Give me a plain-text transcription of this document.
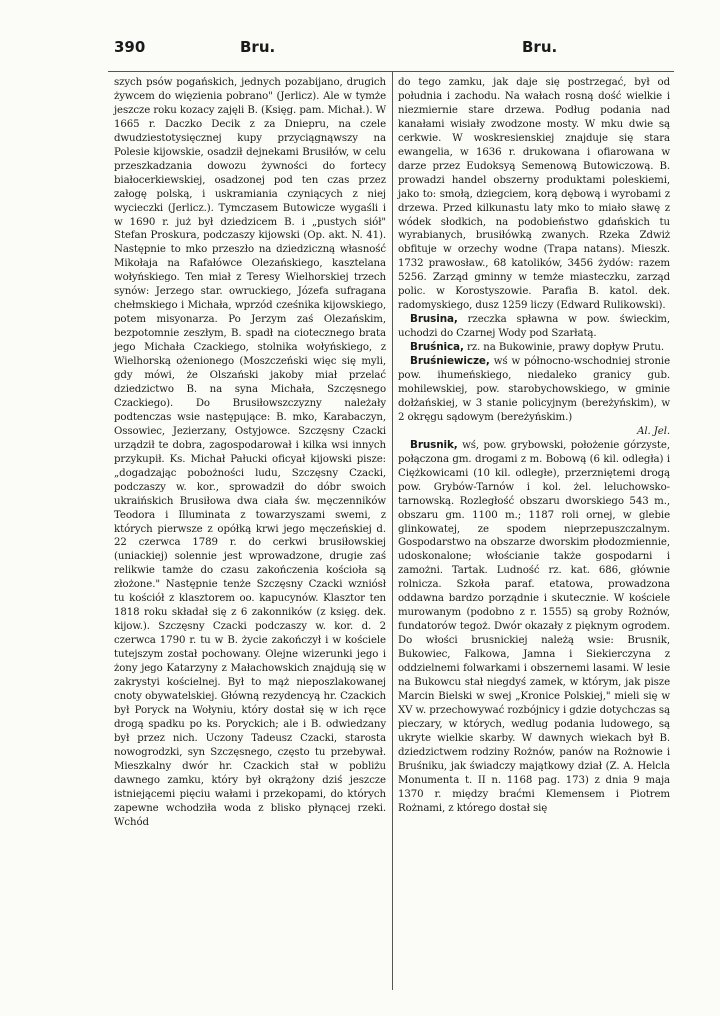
390	Bru.	Bru.

szych psów pogańskich, jednych pozabijano, drugich żywcem do więzienia pobrano" (Jerlicz). Ale w tymże jeszcze roku kozacy zajęli B. (Księg. pam. Michał.). W 1665 r. Daczko Decik z za Dniepru, na czele dwudziestotysięcznej kupy przyciągnąwszy na Polesie kijowskie, osadził dejnekami Brusiłów, w celu przeszkadzania dowozu żywności do fortecy białocerkiewskiej, osadzonej pod ten czas przez załogę polską, i uskramiania czyniących z niej wycieczki (Jerlicz.). Tymczasem Butowicze wygaśli i w 1690 r. już był dziedzicem B. i „pustych siół" Stefan Proskura, podczaszy kijowski (Op. akt. N. 41). Następnie to mko przeszło na dziedziczną własność Mikołaja na Rafałówce Olezańskiego, kasztelana wołyńskiego. Ten miał z Teresy Wielhorskiej trzech synów: Jerzego star. owruckiego, Józefa sufragana chełmskiego i Michała, wprzód cześnika kijowskiego, potem misyonarza. Po Jerzym zaś Olezańskim, bezpotomnie zeszłym, B. spadł na ciotecznego brata jego Michała Czackiego, stolnika wołyńskiego, z Wielhorską ożenionego (Moszczeński więc się myli, gdy mówi, że Olszański jakoby miał przelać dziedzictwo B. na syna Michała, Szczęsnego Czackiego). Do Brusiłowszczyzny należały podtenczas wsie następujące: B. mko, Karabaczyn, Ossowiec, Jezierzany, Ostyjowce. Szczęsny Czacki urządził te dobra, zagospodarował i kilka wsi innych przykupił. Ks. Michał Pałucki oficyał kijowski pisze: „dogadzając pobożności ludu, Szczęsny Czacki, podczaszy w. kor., sprowadził do dóbr swoich ukraińskich Brusiłowa dwa ciała św. męczenników Teodora i Illuminata z towarzyszami swemi, z których pierwsze z opółką krwi jego męczeńskiej d. 22 czerwca 1789 r. do cerkwi brusiłowskiej (uniackiej) solennie jest wprowadzone, drugie zaś relikwie tamże do czasu zakończenia kościoła są złożone." Następnie tenże Szczęsny Czacki wzniósł tu kościół z klasztorem oo. kapucynów. Klasztor ten 1818 roku składał się z 6 zakonników (z księg. dek. kijow.). Szczęsny Czacki podczaszy w. kor. d. 2 czerwca 1790 r. tu w B. życie zakończył i w kościele tutejszym został pochowany. Olejne wizerunki jego i żony jego Katarzyny z Małachowskich znajdują się w zakrystyi kościelnej. Był to mąż nieposzlakowanej cnoty obywatelskiej. Główną rezydencyą hr. Czackich był Poryck na Wołyniu, który dostał się w ich ręce drogą spadku po ks. Poryckich; ale i B. odwiedzany był przez nich. Uczony Tadeusz Czacki, starosta nowogrodzki, syn Szczęsnego, często tu przebywał. Mieszkalny dwór hr. Czackich stał w pobliżu dawnego zamku, który był okrążony dziś jeszcze istniejącemi pięciu wałami i przekopami, do których zapewne wchodziła woda z blisko płynącej rzeki. Wchód

do tego zamku, jak daje się postrzegać, był od południa i zachodu. Na wałach rosną dość wielkie i niezmiernie stare drzewa. Podług podania nad kanałami wisiały zwodzone mosty. W mku dwie są cerkwie. W woskresienskiej znajduje się stara ewangelia, w 1636 r. drukowana i ofiarowana w darze przez Eudoksyą Semenową Butowiczową. B. prowadzi handel obszerny produktami poleskiemi, jako to: smołą, dziegciem, korą dębową i wyrobami z drzewa. Przed kilkunastu laty mko to miało sławę z wódek słodkich, na podobieństwo gdańskich tu wyrabianych, brusiłówką zwanych. Rzeka Zdwiż obfituje w orzechy wodne (Trapa natans). Mieszk. 1732 prawosław., 68 katolików, 3456 żydów: razem 5256. Zarząd gminny w temże miasteczku, zarząd polic. w Korostyszowie. Parafia B. katol. dek. radomyskiego, dusz 1259 liczy (Edward Rulikowski).

Brusina, rzeczka spławna w pow. świeckim, uchodzi do Czarnej Wody pod Szarłatą.

Bruśnica, rz. na Bukowinie, prawy dopływ Prutu.

Bruśniewicze, wś w północno-wschodniej stronie pow. ihumeńskiego, niedaleko granicy gub. mohilewskiej, pow. starobychowskiego, w gminie dołżańskiej, w 3 stanie policyjnym (bereżyńskim), w 2 okręgu sądowym (bereżyńskim.)

Al. Jel.

Brusnik, wś, pow. grybowski, położenie górzyste, połączona gm. drogami z m. Bobową (6 kil. odległa) i Ciężkowicami (10 kil. odległe), przerzniętemi drogą pow. Grybów-Tarnów i kol. żel. leluchowsko-tarnowską. Rozległość obszaru dworskiego 543 m., obszaru gm. 1100 m.; 1187 roli ornej, w glebie glinkowatej, ze spodem nieprzepuszczalnym. Gospodarstwo na obszarze dworskim płodozmiennie, udoskonalone; włościanie także gospodarni i zamożni. Tartak. Ludność rz. kat. 686, głównie rolnicza. Szkoła paraf. etatowa, prowadzona oddawna bardzo porządnie i skutecznie. W kościele murowanym (podobno z r. 1555) są groby Rożnów, fundatorów tegoż. Dwór okazały z pięknym ogrodem. Do włości brusnickiej należą wsie: Brusnik, Bukowiec, Falkowa, Jamna i Siekierczyna z oddzielnemi folwarkami i obszernemi lasami. W lesie na Bukowcu stał niegdyś zamek, w którym, jak pisze Marcin Bielski w swej „Kronice Polskiej," mieli się w XV w. przechowywać rozbójnicy i gdzie dotychczas są pieczary, w których, wedlug podania ludowego, są ukryte wielkie skarby. W dawnych wiekach był B. dziedzictwem rodziny Rożnów, panów na Rożnowie i Bruśniku, jak świadczy majątkowy dział (Z. A. Helcla Monumenta t. II n. 1168 pag. 173) z dnia 9 maja 1370 r. między braćmi Klemensem i Piotrem Rożnami, z którego dostał się
